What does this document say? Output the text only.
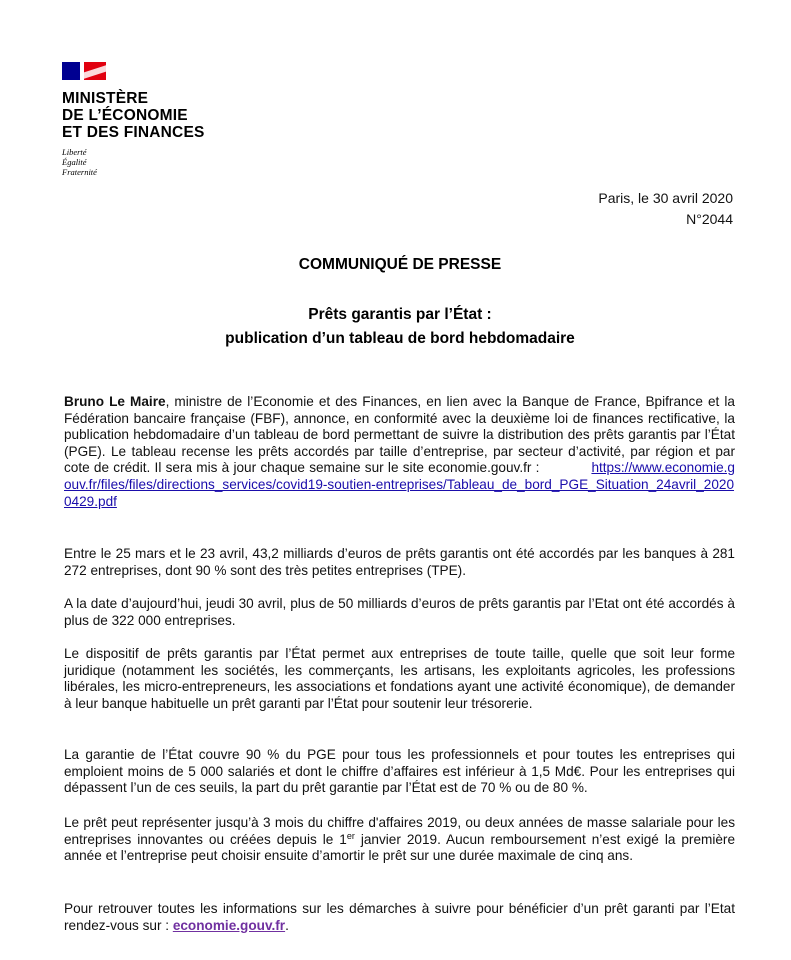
MINISTÈRE
DE L’ÉCONOMIE
ET DES FINANCES
Liberté
Égalité
Fraternité
Paris, le 30 avril 2020
N°2044
COMMUNIQUÉ DE PRESSE
Prêts garantis par l’État :
publication d’un tableau de bord hebdomadaire

Bruno Le Maire, ministre de l’Economie et des Finances, en lien avec la Banque de France, Bpifrance et la Fédération bancaire française (FBF), annonce, en conformité avec la deuxième loi de finances rectificative, la publication hebdomadaire d’un tableau de bord permettant de suivre la distribution des prêts garantis par l’État (PGE). Le tableau recense les prêts accordés par taille d’entreprise, par secteur d’activité, par région et par cote de crédit. Il sera mis à jour chaque semaine sur le site economie.gouv.fr :	https://www.economie.gouv.fr/files/files/directions_services/covid19-soutien-entreprises/Tableau_de_bord_PGE_Situation_24avril_20200429.pdf

Entre le 25 mars et le 23 avril, 43,2 milliards d’euros de prêts garantis ont été accordés par les banques à 281 272 entreprises, dont 90 % sont des très petites entreprises (TPE).

A la date d’aujourd’hui, jeudi 30 avril, plus de 50 milliards d’euros de prêts garantis par l’Etat ont été accordés à plus de 322 000 entreprises.

Le dispositif de prêts garantis par l’État permet aux entreprises de toute taille, quelle que soit leur forme juridique (notamment les sociétés, les commerçants, les artisans, les exploitants agricoles, les professions libérales, les micro-entrepreneurs, les associations et fondations ayant une activité économique), de demander à leur banque habituelle un prêt garanti par l’État pour soutenir leur trésorerie.

La garantie de l’État couvre 90 % du PGE pour tous les professionnels et pour toutes les entreprises qui emploient moins de 5 000 salariés et dont le chiffre d’affaires est inférieur à 1,5 Md€. Pour les entreprises qui dépassent l’un de ces seuils, la part du prêt garantie par l’État est de 70 % ou de 80 %.

Le prêt peut représenter jusqu’à 3 mois du chiffre d'affaires 2019, ou deux années de masse salariale pour les entreprises innovantes ou créées depuis le 1er janvier 2019. Aucun remboursement n’est exigé la première année et l’entreprise peut choisir ensuite d’amortir le prêt sur une durée maximale de cinq ans.

Pour retrouver toutes les informations sur les démarches à suivre pour bénéficier d’un prêt garanti par l’Etat rendez-vous sur : economie.gouv.fr.
